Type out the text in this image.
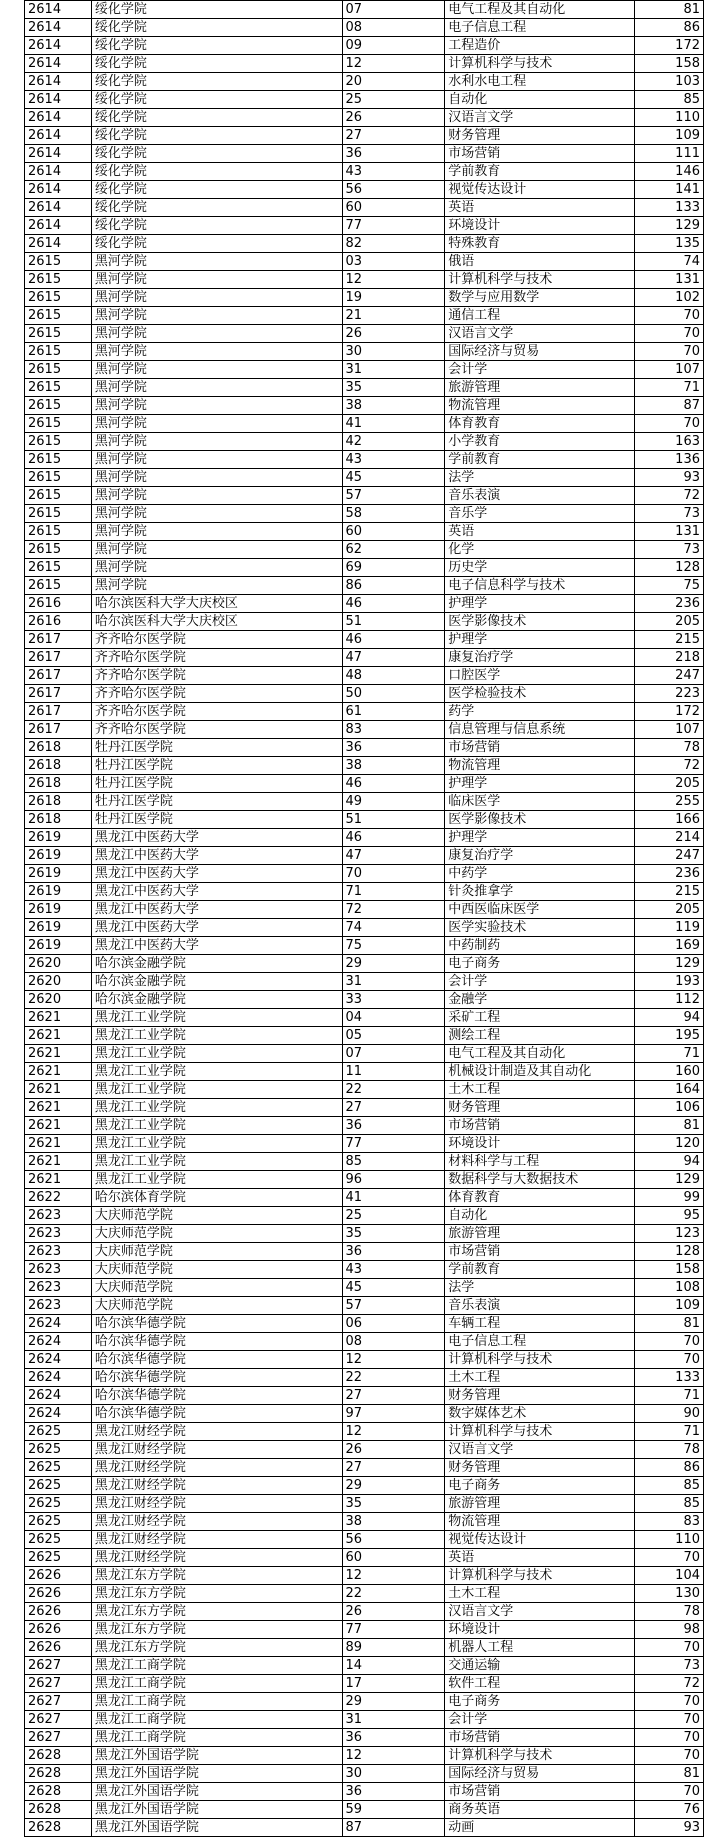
2614	绥化学院	07	电气工程及其自动化	81
2614	绥化学院	08	电子信息工程	86
2614	绥化学院	09	工程造价	172
2614	绥化学院	12	计算机科学与技术	158
2614	绥化学院	20	水利水电工程	103
2614	绥化学院	25	自动化	85
2614	绥化学院	26	汉语言文学	110
2614	绥化学院	27	财务管理	109
2614	绥化学院	36	市场营销	111
2614	绥化学院	43	学前教育	146
2614	绥化学院	56	视觉传达设计	141
2614	绥化学院	60	英语	133
2614	绥化学院	77	环境设计	129
2614	绥化学院	82	特殊教育	135
2615	黑河学院	03	俄语	74
2615	黑河学院	12	计算机科学与技术	131
2615	黑河学院	19	数学与应用数学	102
2615	黑河学院	21	通信工程	70
2615	黑河学院	26	汉语言文学	70
2615	黑河学院	30	国际经济与贸易	70
2615	黑河学院	31	会计学	107
2615	黑河学院	35	旅游管理	71
2615	黑河学院	38	物流管理	87
2615	黑河学院	41	体育教育	70
2615	黑河学院	42	小学教育	163
2615	黑河学院	43	学前教育	136
2615	黑河学院	45	法学	93
2615	黑河学院	57	音乐表演	72
2615	黑河学院	58	音乐学	73
2615	黑河学院	60	英语	131
2615	黑河学院	62	化学	73
2615	黑河学院	69	历史学	128
2615	黑河学院	86	电子信息科学与技术	75
2616	哈尔滨医科大学大庆校区	46	护理学	236
2616	哈尔滨医科大学大庆校区	51	医学影像技术	205
2617	齐齐哈尔医学院	46	护理学	215
2617	齐齐哈尔医学院	47	康复治疗学	218
2617	齐齐哈尔医学院	48	口腔医学	247
2617	齐齐哈尔医学院	50	医学检验技术	223
2617	齐齐哈尔医学院	61	药学	172
2617	齐齐哈尔医学院	83	信息管理与信息系统	107
2618	牡丹江医学院	36	市场营销	78
2618	牡丹江医学院	38	物流管理	72
2618	牡丹江医学院	46	护理学	205
2618	牡丹江医学院	49	临床医学	255
2618	牡丹江医学院	51	医学影像技术	166
2619	黑龙江中医药大学	46	护理学	214
2619	黑龙江中医药大学	47	康复治疗学	247
2619	黑龙江中医药大学	70	中药学	236
2619	黑龙江中医药大学	71	针灸推拿学	215
2619	黑龙江中医药大学	72	中西医临床医学	205
2619	黑龙江中医药大学	74	医学实验技术	119
2619	黑龙江中医药大学	75	中药制药	169
2620	哈尔滨金融学院	29	电子商务	129
2620	哈尔滨金融学院	31	会计学	193
2620	哈尔滨金融学院	33	金融学	112
2621	黑龙江工业学院	04	采矿工程	94
2621	黑龙江工业学院	05	测绘工程	195
2621	黑龙江工业学院	07	电气工程及其自动化	71
2621	黑龙江工业学院	11	机械设计制造及其自动化	160
2621	黑龙江工业学院	22	土木工程	164
2621	黑龙江工业学院	27	财务管理	106
2621	黑龙江工业学院	36	市场营销	81
2621	黑龙江工业学院	77	环境设计	120
2621	黑龙江工业学院	85	材料科学与工程	94
2621	黑龙江工业学院	96	数据科学与大数据技术	129
2622	哈尔滨体育学院	41	体育教育	99
2623	大庆师范学院	25	自动化	95
2623	大庆师范学院	35	旅游管理	123
2623	大庆师范学院	36	市场营销	128
2623	大庆师范学院	43	学前教育	158
2623	大庆师范学院	45	法学	108
2623	大庆师范学院	57	音乐表演	109
2624	哈尔滨华德学院	06	车辆工程	81
2624	哈尔滨华德学院	08	电子信息工程	70
2624	哈尔滨华德学院	12	计算机科学与技术	70
2624	哈尔滨华德学院	22	土木工程	133
2624	哈尔滨华德学院	27	财务管理	71
2624	哈尔滨华德学院	97	数字媒体艺术	90
2625	黑龙江财经学院	12	计算机科学与技术	71
2625	黑龙江财经学院	26	汉语言文学	78
2625	黑龙江财经学院	27	财务管理	86
2625	黑龙江财经学院	29	电子商务	85
2625	黑龙江财经学院	35	旅游管理	85
2625	黑龙江财经学院	38	物流管理	83
2625	黑龙江财经学院	56	视觉传达设计	110
2625	黑龙江财经学院	60	英语	70
2626	黑龙江东方学院	12	计算机科学与技术	104
2626	黑龙江东方学院	22	土木工程	130
2626	黑龙江东方学院	26	汉语言文学	78
2626	黑龙江东方学院	77	环境设计	98
2626	黑龙江东方学院	89	机器人工程	70
2627	黑龙江工商学院	14	交通运输	73
2627	黑龙江工商学院	17	软件工程	72
2627	黑龙江工商学院	29	电子商务	70
2627	黑龙江工商学院	31	会计学	70
2627	黑龙江工商学院	36	市场营销	70
2628	黑龙江外国语学院	12	计算机科学与技术	70
2628	黑龙江外国语学院	30	国际经济与贸易	81
2628	黑龙江外国语学院	36	市场营销	70
2628	黑龙江外国语学院	59	商务英语	76
2628	黑龙江外国语学院	87	动画	93
